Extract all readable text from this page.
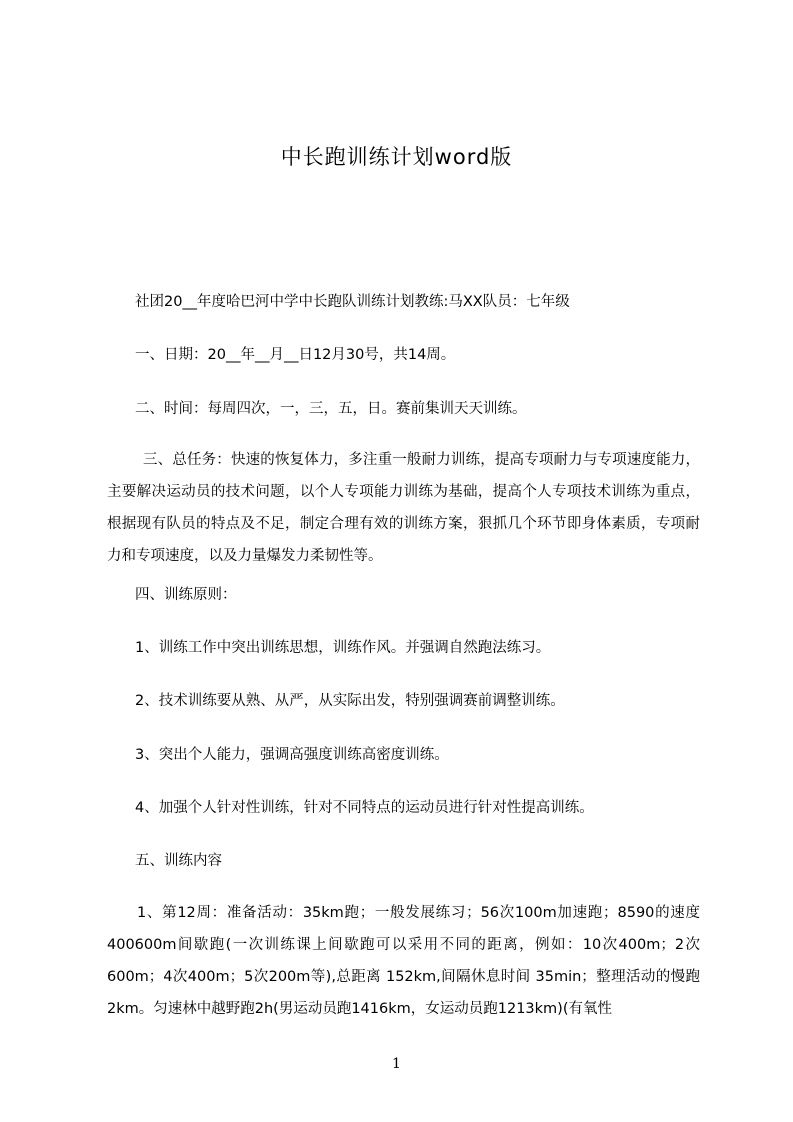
中长跑训练计划word版
社团20__年度哈巴河中学中长跑队训练计划教练:马XX队员：七年级
一、日期：20__年__月__日12月30号，共14周。
二、时间：每周四次，一，三，五，日。赛前集训天天训练。
三、总任务：快速的恢复体力，多注重一般耐力训练，提高专项耐力与专项速度能力，主要解决运动员的技术问题，以个人专项能力训练为基础，提高个人专项技术训练为重点，根据现有队员的特点及不足，制定合理有效的训练方案，狠抓几个环节即身体素质，专项耐力和专项速度，以及力量爆发力柔韧性等。
四、训练原则：
1、训练工作中突出训练思想，训练作风。并强调自然跑法练习。
2、技术训练要从熟、从严，从实际出发，特别强调赛前调整训练。
3、突出个人能力，强调高强度训练高密度训练。
4、加强个人针对性训练，针对不同特点的运动员进行针对性提高训练。
五、训练内容
1、第12周：准备活动：35km跑；一般发展练习；56次100m加速跑；8590的速度400600m间歇跑(一次训练课上间歇跑可以采用不同的距离，例如：10次400m；2次600m；4次400m；5次200m等),总距离 152km,间隔休息时间 35min；整理活动的慢跑2km。匀速林中越野跑2h(男运动员跑1416km，女运动员跑1213km)(有氧性
1
